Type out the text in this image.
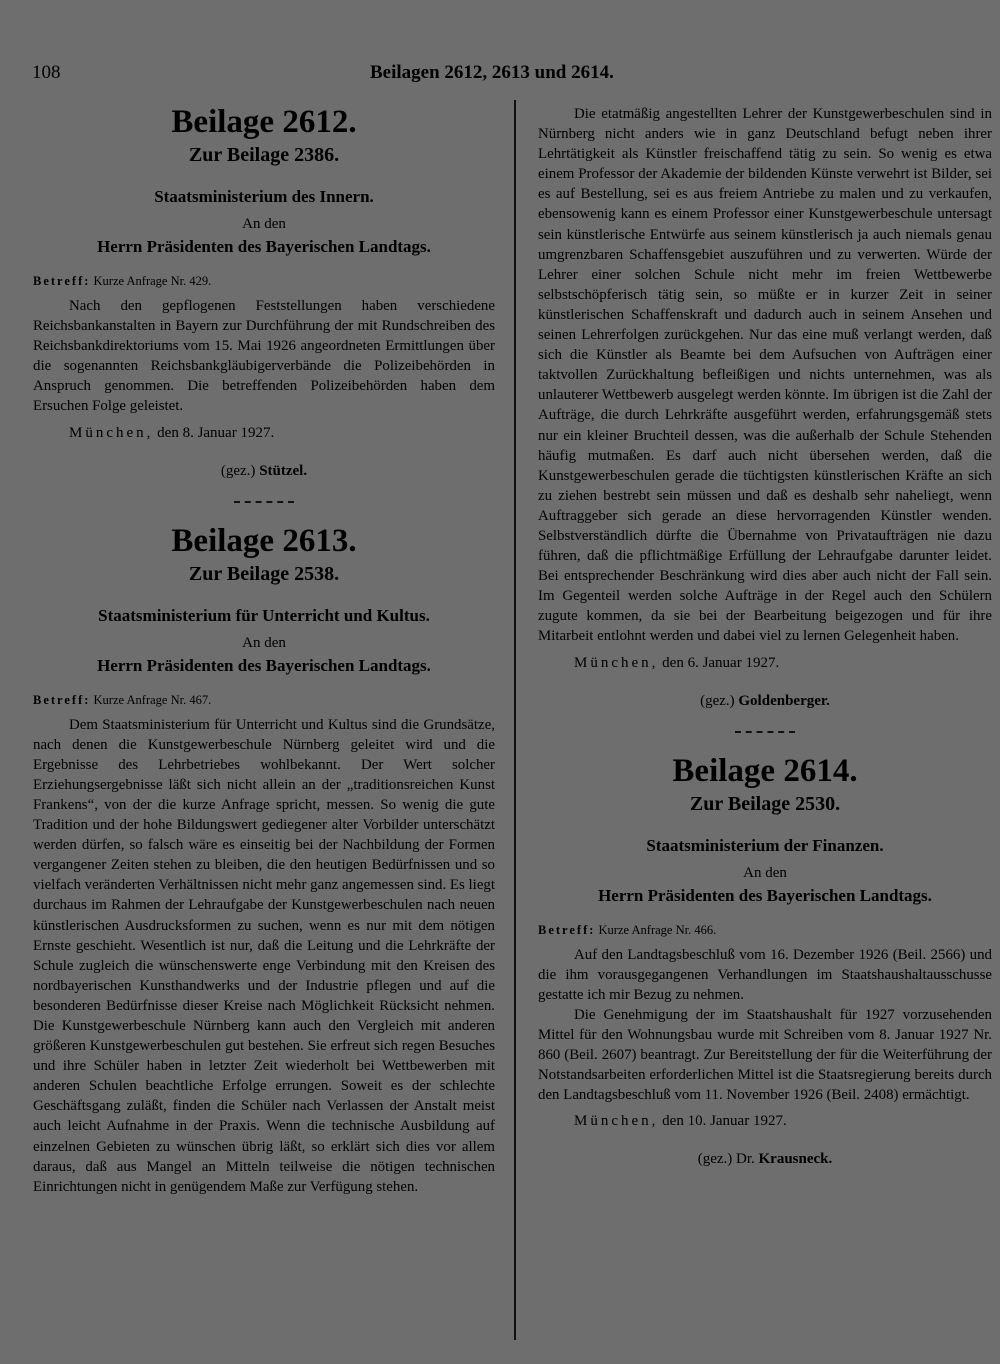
108	Beilagen 2612, 2613 und 2614.
Beilage 2612.
Zur Beilage 2386.
Staatsministerium des Innern.
An den
Herrn Präsidenten des Bayerischen Landtags.
Betreff: Kurze Anfrage Nr. 429.

Nach den gepflogenen Feststellungen haben verschiedene Reichsbankanstalten in Bayern zur Durchführung der mit Rundschreiben des Reichsbankdirektoriums vom 15. Mai 1926 angeordneten Ermittlungen über die sogenannten Reichsbankgläubigerverbände die Polizeibehörden in Anspruch genommen. Die betreffenden Polizeibehörden haben dem Ersuchen Folge geleistet.

München, den 8. Januar 1927.
(gez.) Stützel.
Beilage 2613.
Zur Beilage 2538.
Staatsministerium für Unterricht und Kultus.
An den
Herrn Präsidenten des Bayerischen Landtags.
Betreff: Kurze Anfrage Nr. 467.

Dem Staatsministerium für Unterricht und Kultus sind die Grundsätze, nach denen die Kunstgewerbeschule Nürnberg geleitet wird und die Ergebnisse des Lehrbetriebes wohlbekannt. Der Wert solcher Erziehungsergebnisse läßt sich nicht allein an der „traditionsreichen Kunst Frankens“, von der die kurze Anfrage spricht, messen. So wenig die gute Tradition und der hohe Bildungswert gediegener alter Vorbilder unterschätzt werden dürfen, so falsch wäre es einseitig bei der Nachbildung der Formen vergangener Zeiten stehen zu bleiben, die den heutigen Bedürfnissen und so vielfach veränderten Verhältnissen nicht mehr ganz angemessen sind. Es liegt durchaus im Rahmen der Lehraufgabe der Kunstgewerbeschulen nach neuen künstlerischen Ausdrucksformen zu suchen, wenn es nur mit dem nötigen Ernste geschieht. Wesentlich ist nur, daß die Leitung und die Lehrkräfte der Schule zugleich die wünschenswerte enge Verbindung mit den Kreisen des nordbayerischen Kunsthandwerks und der Industrie pflegen und auf die besonderen Bedürfnisse dieser Kreise nach Möglichkeit Rücksicht nehmen. Die Kunstgewerbeschule Nürnberg kann auch den Vergleich mit anderen größeren Kunstgewerbeschulen gut bestehen. Sie erfreut sich regen Besuches und ihre Schüler haben in letzter Zeit wiederholt bei Wettbewerben mit anderen Schulen beachtliche Erfolge errungen. Soweit es der schlechte Geschäftsgang zuläßt, finden die Schüler nach Verlassen der Anstalt meist auch leicht Aufnahme in der Praxis. Wenn die technische Ausbildung auf einzelnen Gebieten zu wünschen übrig läßt, so erklärt sich dies vor allem daraus, daß aus Mangel an Mitteln teilweise die nötigen technischen Einrichtungen nicht in genügendem Maße zur Verfügung stehen.

Die etatmäßig angestellten Lehrer der Kunstgewerbeschulen sind in Nürnberg nicht anders wie in ganz Deutschland befugt neben ihrer Lehrtätigkeit als Künstler freischaffend tätig zu sein. So wenig es etwa einem Professor der Akademie der bildenden Künste verwehrt ist Bilder, sei es auf Bestellung, sei es aus freiem Antriebe zu malen und zu verkaufen, ebensowenig kann es einem Professor einer Kunstgewerbeschule untersagt sein künstlerische Entwürfe aus seinem künstlerisch ja auch niemals genau umgrenzbaren Schaffensgebiet auszuführen und zu verwerten. Würde der Lehrer einer solchen Schule nicht mehr im freien Wettbewerbe selbstschöpferisch tätig sein, so müßte er in kurzer Zeit in seiner künstlerischen Schaffenskraft und dadurch auch in seinem Ansehen und seinen Lehrerfolgen zurückgehen. Nur das eine muß verlangt werden, daß sich die Künstler als Beamte bei dem Aufsuchen von Aufträgen einer taktvollen Zurückhaltung befleißigen und nichts unternehmen, was als unlauterer Wettbewerb ausgelegt werden könnte. Im übrigen ist die Zahl der Aufträge, die durch Lehrkräfte ausgeführt werden, erfahrungsgemäß stets nur ein kleiner Bruchteil dessen, was die außerhalb der Schule Stehenden häufig mutmaßen. Es darf auch nicht übersehen werden, daß die Kunstgewerbeschulen gerade die tüchtigsten künstlerischen Kräfte an sich zu ziehen bestrebt sein müssen und daß es deshalb sehr naheliegt, wenn Auftraggeber sich gerade an diese hervorragenden Künstler wenden. Selbstverständlich dürfte die Übernahme von Privataufträgen nie dazu führen, daß die pflichtmäßige Erfüllung der Lehraufgabe darunter leidet. Bei entsprechender Beschränkung wird dies aber auch nicht der Fall sein. Im Gegenteil werden solche Aufträge in der Regel auch den Schülern zugute kommen, da sie bei der Bearbeitung beigezogen und für ihre Mitarbeit entlohnt werden und dabei viel zu lernen Gelegenheit haben.

München, den 6. Januar 1927.
(gez.) Goldenberger.
Beilage 2614.
Zur Beilage 2530.
Staatsministerium der Finanzen.
An den
Herrn Präsidenten des Bayerischen Landtags.
Betreff: Kurze Anfrage Nr. 466.

Auf den Landtagsbeschluß vom 16. Dezember 1926 (Beil. 2566) und die ihm vorausgegangenen Verhandlungen im Staatshaushaltausschusse gestatte ich mir Bezug zu nehmen.

Die Genehmigung der im Staatshaushalt für 1927 vorzusehenden Mittel für den Wohnungsbau wurde mit Schreiben vom 8. Januar 1927 Nr. 860 (Beil. 2607) beantragt. Zur Bereitstellung der für die Weiterführung der Notstandsarbeiten erforderlichen Mittel ist die Staatsregierung bereits durch den Landtagsbeschluß vom 11. November 1926 (Beil. 2408) ermächtigt.

München, den 10. Januar 1927.
(gez.) Dr. Krausneck.
